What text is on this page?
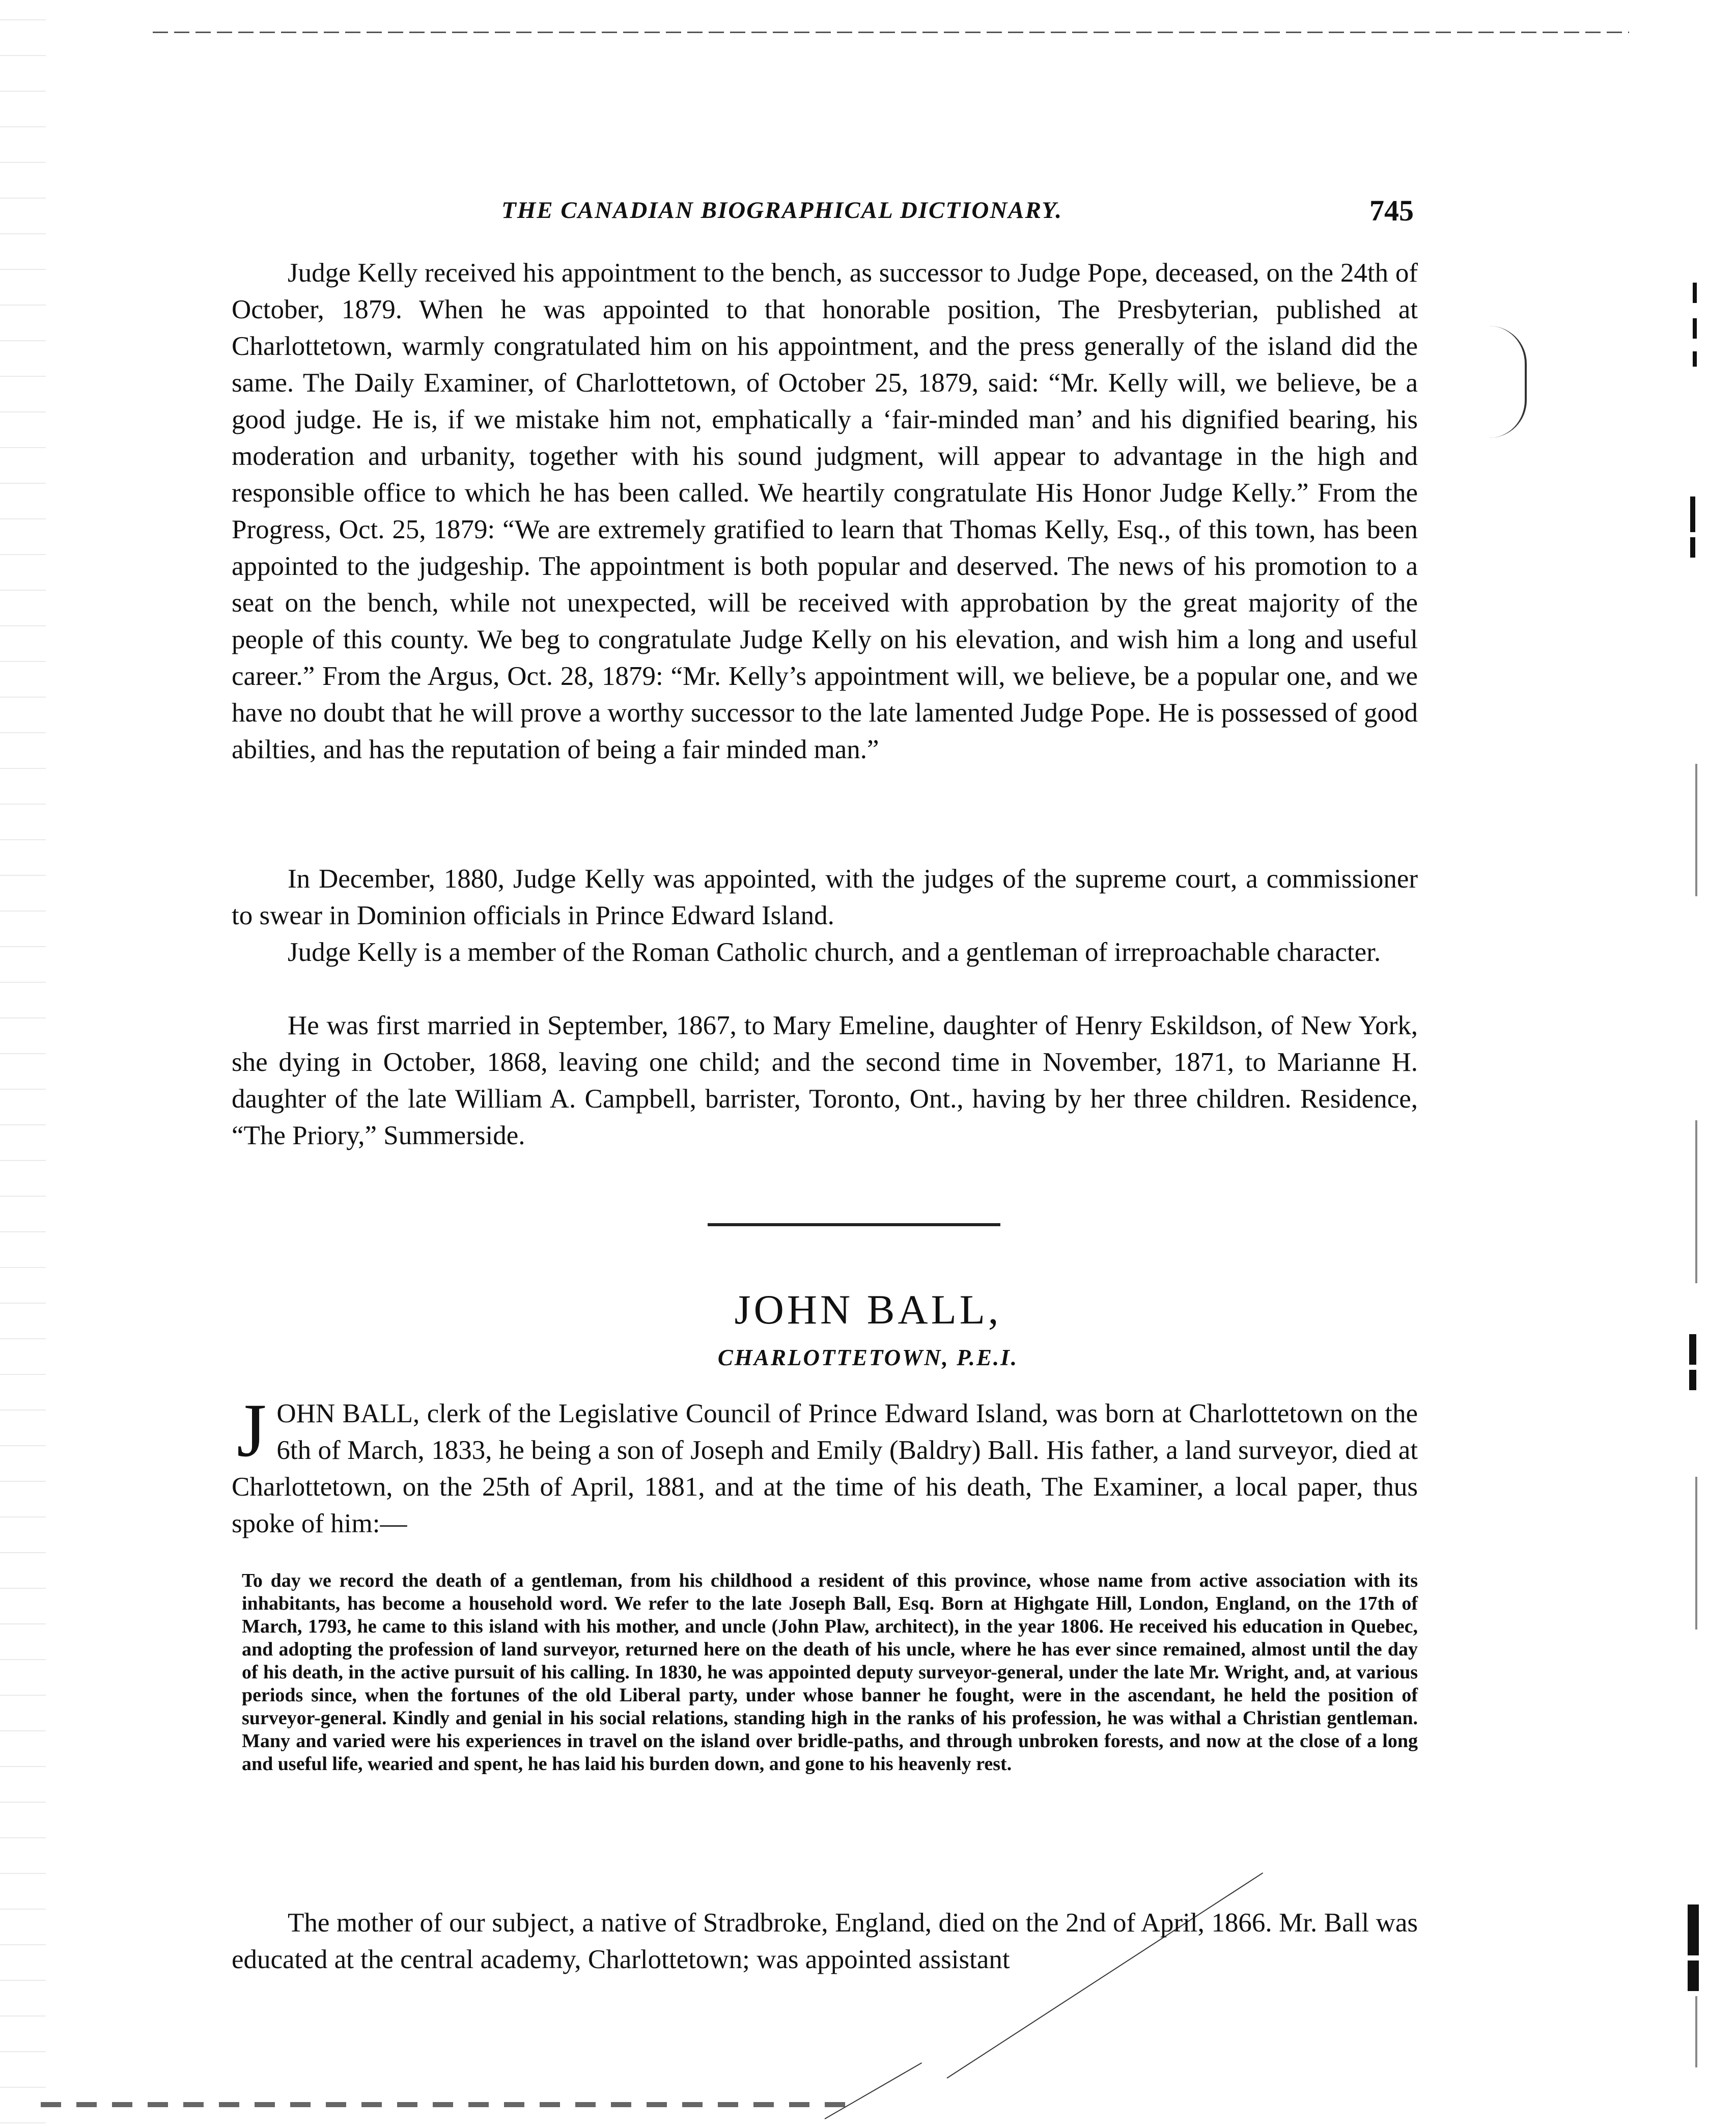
THE CANADIAN BIOGRAPHICAL DICTIONARY.	745

Judge Kelly received his appointment to the bench, as successor to Judge Pope, deceased, on the 24th of October, 1879. When he was appointed to that honorable position, The Presbyterian, published at Charlottetown, warmly congratulated him on his appointment, and the press generally of the island did the same. The Daily Examiner, of Charlottetown, of October 25, 1879, said: “Mr. Kelly will, we believe, be a good judge. He is, if we mistake him not, emphatically a ‘fair-minded man’ and his dignified bearing, his moderation and urbanity, together with his sound judgment, will appear to advantage in the high and responsible office to which he has been called. We heartily congratulate His Honor Judge Kelly.” From the Progress, Oct. 25, 1879: “We are extremely gratified to learn that Thomas Kelly, Esq., of this town, has been appointed to the judgeship. The appointment is both popular and deserved. The news of his promotion to a seat on the bench, while not unexpected, will be received with approbation by the great majority of the people of this county. We beg to congratulate Judge Kelly on his elevation, and wish him a long and useful career.” From the Argus, Oct. 28, 1879: “Mr. Kelly’s appointment will, we believe, be a popular one, and we have no doubt that he will prove a worthy successor to the late lamented Judge Pope. He is possessed of good abilties, and has the reputation of being a fair minded man.”

In December, 1880, Judge Kelly was appointed, with the judges of the supreme court, a commissioner to swear in Dominion officials in Prince Edward Island.

Judge Kelly is a member of the Roman Catholic church, and a gentleman of irreproachable character.

He was first married in September, 1867, to Mary Emeline, daughter of Henry Eskildson, of New York, she dying in October, 1868, leaving one child; and the second time in November, 1871, to Marianne H. daughter of the late William A. Campbell, barrister, Toronto, Ont., having by her three children. Residence, “The Priory,” Summerside.

JOHN BALL,
CHARLOTTETOWN, P.E.I.

J OHN BALL, clerk of the Legislative Council of Prince Edward Island, was born at Charlottetown on the 6th of March, 1833, he being a son of Joseph and Emily (Baldry) Ball. His father, a land surveyor, died at Charlottetown, on the 25th of April, 1881, and at the time of his death, The Examiner, a local paper, thus spoke of him:—

To day we record the death of a gentleman, from his childhood a resident of this province, whose name from active association with its inhabitants, has become a household word. We refer to the late Joseph Ball, Esq. Born at Highgate Hill, London, England, on the 17th of March, 1793, he came to this island with his mother, and uncle (John Plaw, architect), in the year 1806. He received his education in Quebec, and adopting the profession of land surveyor, returned here on the death of his uncle, where he has ever since remained, almost until the day of his death, in the active pursuit of his calling. In 1830, he was appointed deputy surveyor-general, under the late Mr. Wright, and, at various periods since, when the fortunes of the old Liberal party, under whose banner he fought, were in the ascendant, he held the position of surveyor-general. Kindly and genial in his social relations, standing high in the ranks of his profession, he was withal a Christian gentleman. Many and varied were his experiences in travel on the island over bridle-paths, and through unbroken forests, and now at the close of a long and useful life, wearied and spent, he has laid his burden down, and gone to his heavenly rest.

The mother of our subject, a native of Stradbroke, England, died on the 2nd of April, 1866. Mr. Ball was educated at the central academy, Charlottetown; was appointed assistant
